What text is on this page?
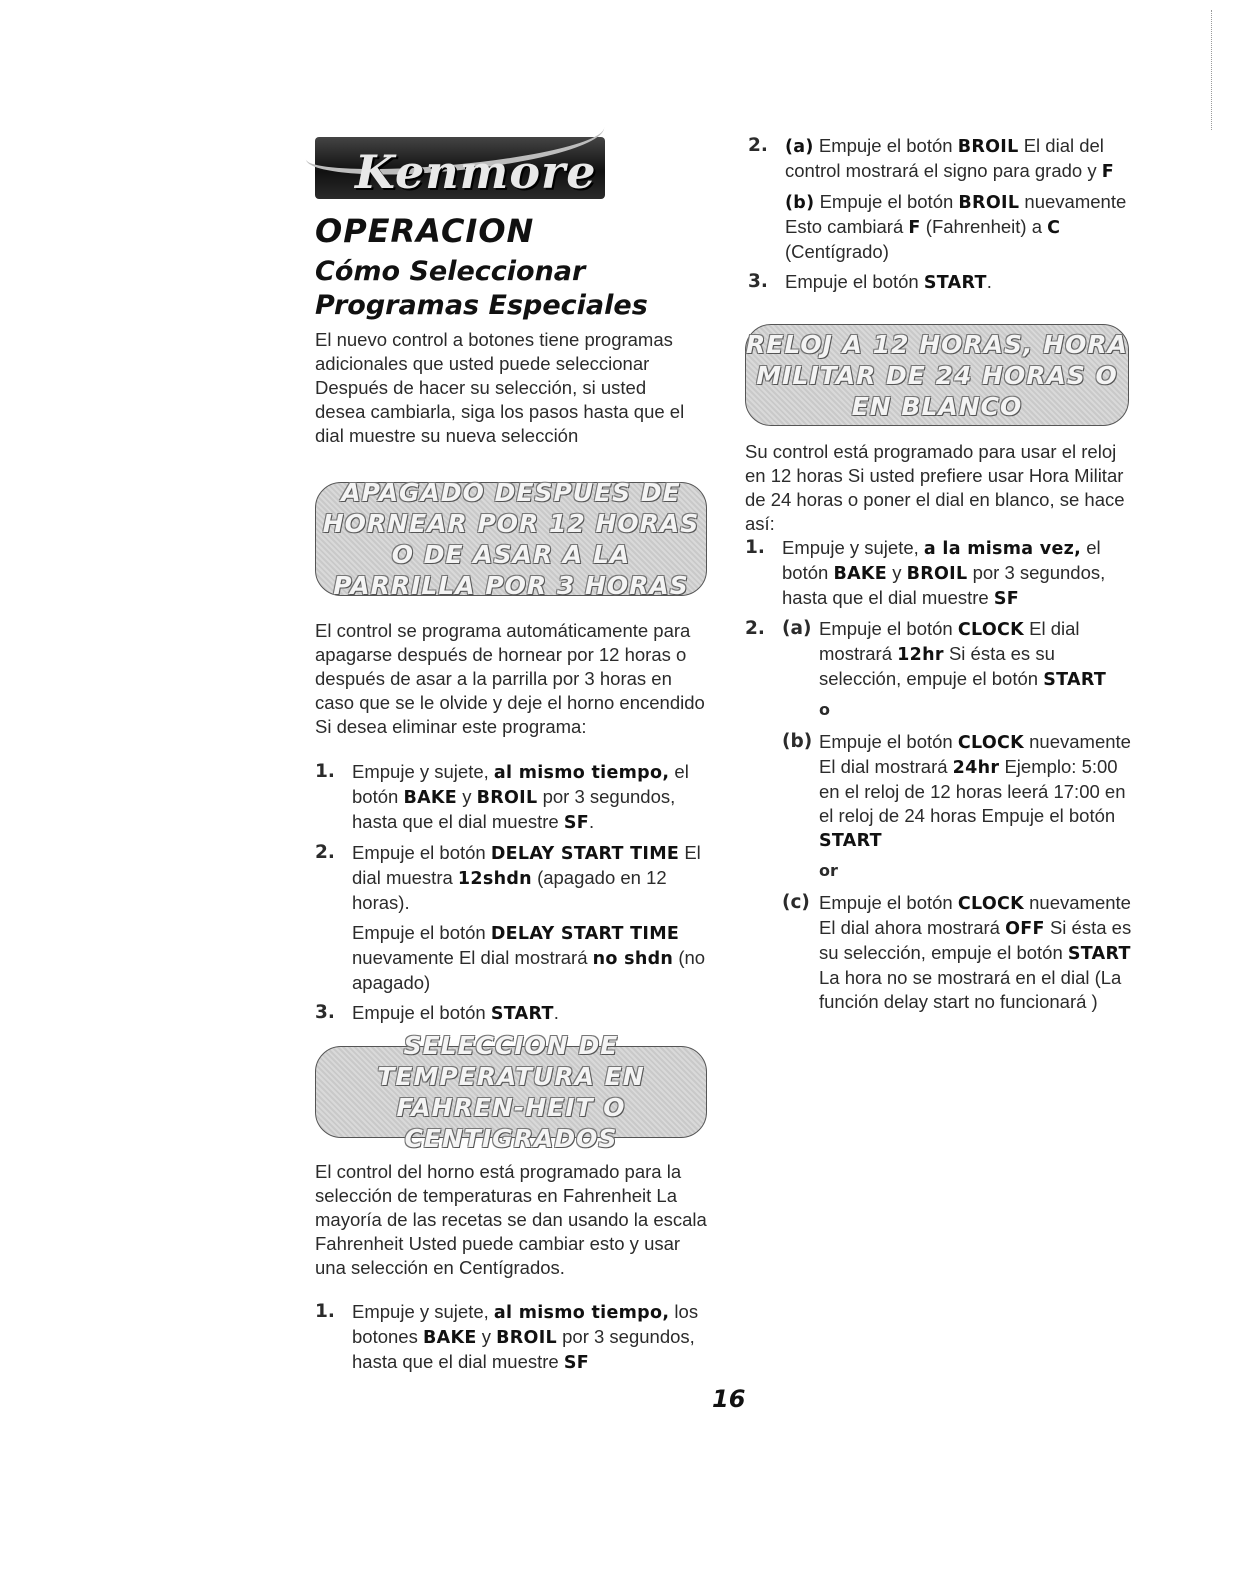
Kenmore
OPERACION
Cómo Seleccionar Programas Especiales

El nuevo control a botones tiene programas adicionales que usted puede seleccionar Después de hacer su selección, si usted desea cambiarla, siga los pasos hasta que el dial muestre su nueva selección

APAGADO DESPUES DE HORNEAR POR 12 HORAS O DE ASAR A LA PARRILLA POR 3 HORAS

El control se programa automáticamente para apagarse después de hornear por 12 horas o después de asar a la parrilla por 3 horas en caso que se le olvide y deje el horno encendido Si desea eliminar este programa:

1. Empuje y sujete, al mismo tiempo, el botón BAKE y BROIL por 3 segundos, hasta que el dial muestre SF.
2. Empuje el botón DELAY START TIME El dial muestra 12shdn (apagado en 12 horas).
Empuje el botón DELAY START TIME nuevamente El dial mostrará no shdn (no apagado)
3. Empuje el botón START.
SELECCION DE TEMPERATURA EN FAHREN-HEIT O CENTIGRADOS

El control del horno está programado para la selección de temperaturas en Fahrenheit La mayoría de las recetas se dan usando la escala Fahrenheit Usted puede cambiar esto y usar una selección en Centígrados.

1. Empuje y sujete, al mismo tiempo, los botones BAKE y BROIL por 3 segundos, hasta que el dial muestre SF
2. (a) Empuje el botón BROIL El dial del control mostrará el signo para grado y F
(b) Empuje el botón BROIL nuevamente Esto cambiará F (Fahrenheit) a C (Centígrado)
3. Empuje el botón START.
RELOJ A 12 HORAS, HORA MILITAR DE 24 HORAS O EN BLANCO

Su control está programado para usar el reloj en 12 horas Si usted prefiere usar Hora Militar de 24 horas o poner el dial en blanco, se hace así:

1. Empuje y sujete, a la misma vez, el botón BAKE y BROIL por 3 segundos, hasta que el dial muestre SF
2. (a) Empuje el botón CLOCK El dial mostrará 12hr Si ésta es su selección, empuje el botón START
o
(b) Empuje el botón CLOCK nuevamente El dial mostrará 24hr Ejemplo: 5:00 en el reloj de 12 horas leerá 17:00 en el reloj de 24 horas Empuje el botón START
or
(c) Empuje el botón CLOCK nuevamente El dial ahora mostrará OFF Si ésta es su selección, empuje el botón START La hora no se mostrará en el dial (La función delay start no funcionará )
16
